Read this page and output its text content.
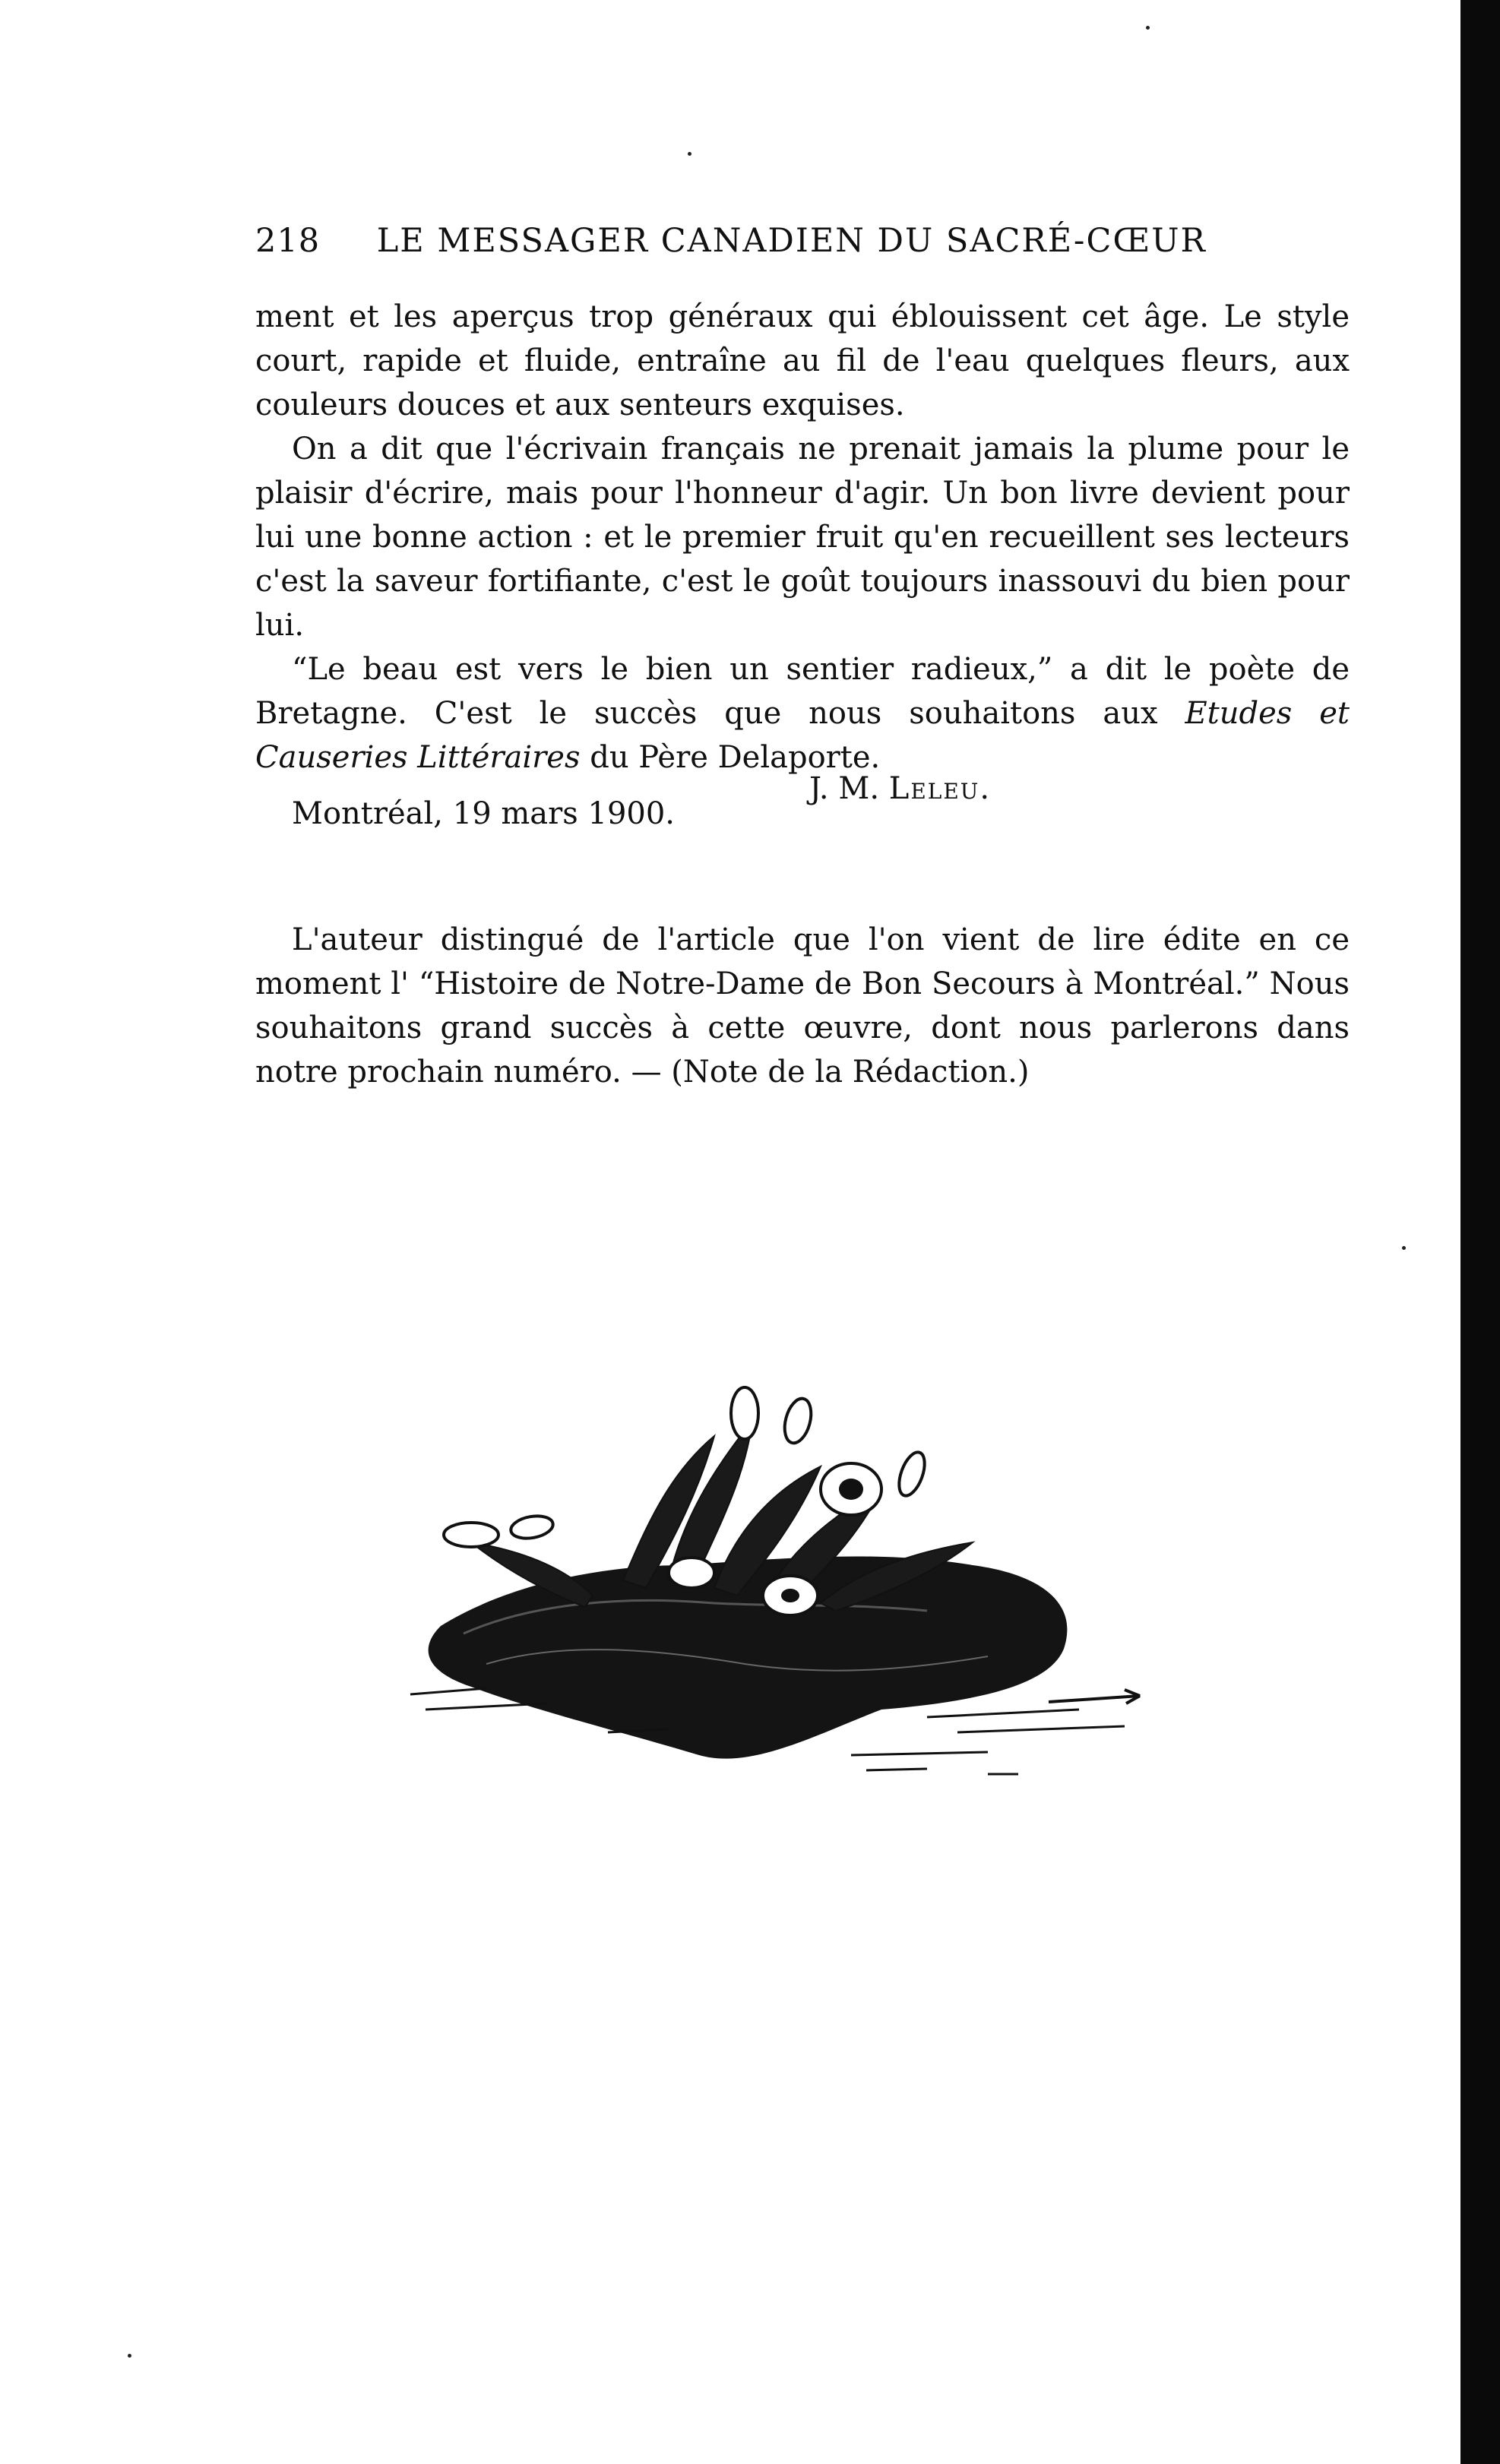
218 LE MESSAGER CANADIEN DU SACRÉ-CŒUR

ment et les aperçus trop généraux qui éblouissent cet âge. Le style court, rapide et fluide, entraîne au fil de l'eau quelques fleurs, aux couleurs douces et aux senteurs exquises.

On a dit que l'écrivain français ne prenait jamais la plume pour le plaisir d'écrire, mais pour l'honneur d'agir. Un bon livre devient pour lui une bonne action : et le premier fruit qu'en recueillent ses lecteurs c'est la saveur fortifiante, c'est le goût toujours inassouvi du bien pour lui.

“Le beau est vers le bien un sentier radieux,” a dit le poète de Bretagne. C'est le succès que nous souhaitons aux Etudes et Causeries Littéraires du Père Delaporte.

J. M. Leleu.
Montréal, 19 mars 1900.

L'auteur distingué de l'article que l'on vient de lire édite en ce moment l' “Histoire de Notre-Dame de Bon Secours à Montréal.” Nous souhaitons grand succès à cette œuvre, dont nous parlerons dans notre prochain numéro. — (Note de la Rédaction.)
